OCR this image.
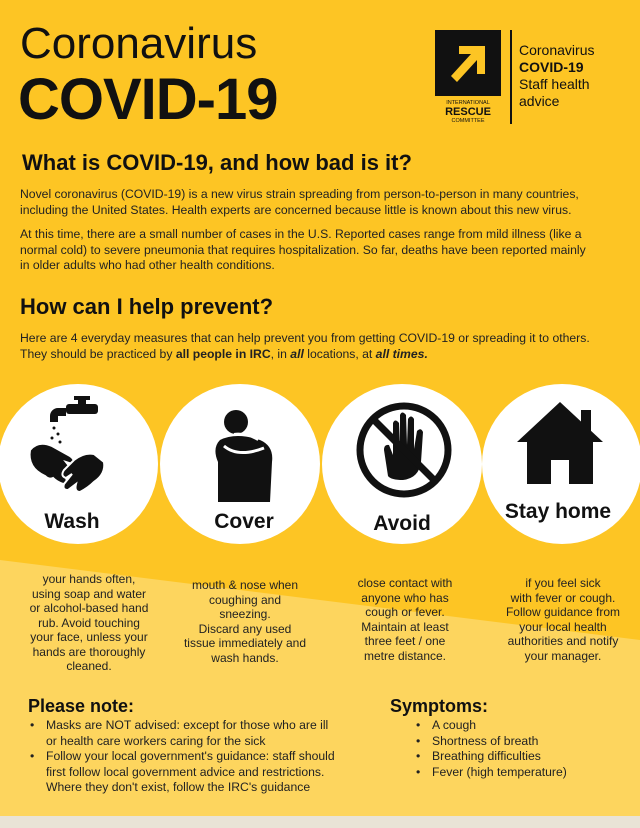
Coronavirus
COVID-19	INTERNATIONAL
RESCUE
COMMITTEE
Coronavirus
COVID-19
Staff health
advice
What is COVID-19, and how bad is it?
Novel coronavirus (COVID-19) is a new virus strain spreading from person-to-person in many countries,
including the United States. Health experts are concerned because little is known about this new virus.
At this time, there are a small number of cases in the U.S. Reported cases range from mild illness (like a
normal cold) to severe pneumonia that requires hospitalization. So far, deaths have been reported mainly
in older adults who had other health conditions.
How can I help prevent?
Here are 4 everyday measures that can help prevent you from getting COVID-19 or spreading it to others.
They should be practiced by all people in IRC, in all locations, at all times.
Wash	Cover	Avoid
Stay home
your hands often,
using soap and water
or alcohol-based hand
rub. Avoid touching
your face, unless your
hands are thoroughly
cleaned.
mouth & nose when
coughing and
sneezing.
Discard any used
tissue immediately and
wash hands.
close contact with
anyone who has
cough or fever.
Maintain at least
three feet / one
metre distance.
if you feel sick
with fever or cough.
Follow guidance from
your local health
authorities and notify
your manager.
Please note:
• Masks are NOT advised: except for those who are ill
or health care workers caring for the sick
• Follow your local government's guidance: staff should
first follow local government advice and restrictions.
Where they don't exist, follow the IRC's guidance
Symptoms:
• A cough
• Shortness of breath
• Breathing difficulties
• Fever (high temperature)
